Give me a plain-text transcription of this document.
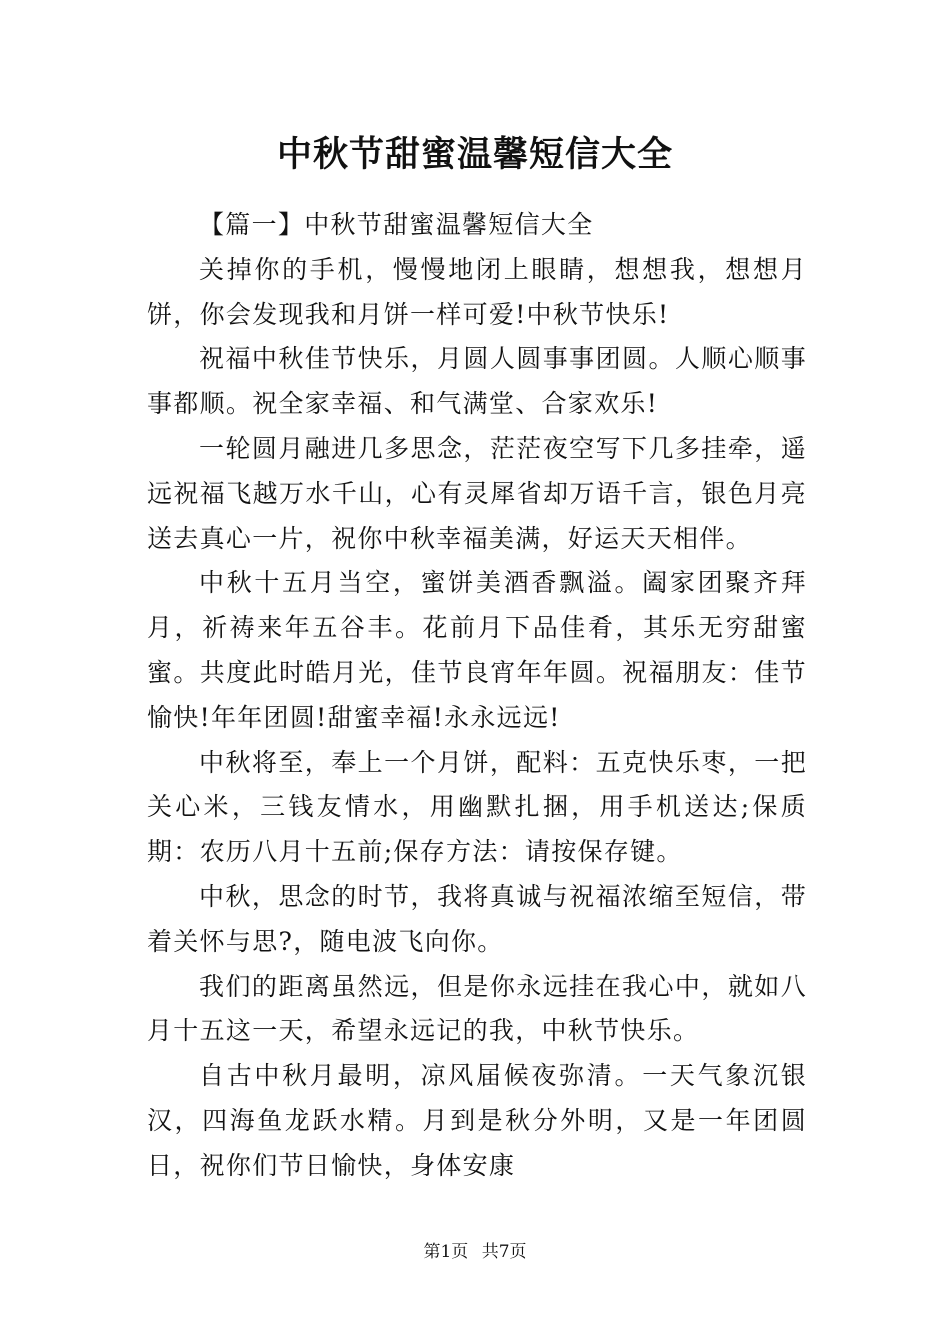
中秋节甜蜜温馨短信大全

【篇一】中秋节甜蜜温馨短信大全

关掉你的手机，慢慢地闭上眼睛，想想我，想想月饼，你会发现我和月饼一样可爱!中秋节快乐!

祝福中秋佳节快乐，月圆人圆事事团圆。人顺心顺事事都顺。祝全家幸福、和气满堂、合家欢乐!

一轮圆月融进几多思念，茫茫夜空写下几多挂牵，遥远祝福飞越万水千山，心有灵犀省却万语千言，银色月亮送去真心一片，祝你中秋幸福美满，好运天天相伴。

中秋十五月当空，蜜饼美酒香飘溢。阖家团聚齐拜月，祈祷来年五谷丰。花前月下品佳肴，其乐无穷甜蜜蜜。共度此时皓月光，佳节良宵年年圆。祝福朋友：佳节愉快!年年团圆!甜蜜幸福!永永远远!

中秋将至，奉上一个月饼，配料：五克快乐枣，一把关心米，三钱友情水，用幽默扎捆，用手机送达;保质期：农历八月十五前;保存方法：请按保存键。

中秋，思念的时节，我将真诚与祝福浓缩至短信，带着关怀与思?，随电波飞向你。

我们的距离虽然远，但是你永远挂在我心中，就如八月十五这一天，希望永远记的我，中秋节快乐。

自古中秋月最明，凉风届候夜弥清。一天气象沉银汉，四海鱼龙跃水精。月到是秋分外明，又是一年团圆日，祝你们节日愉快，身体安康

第1页 共7页
